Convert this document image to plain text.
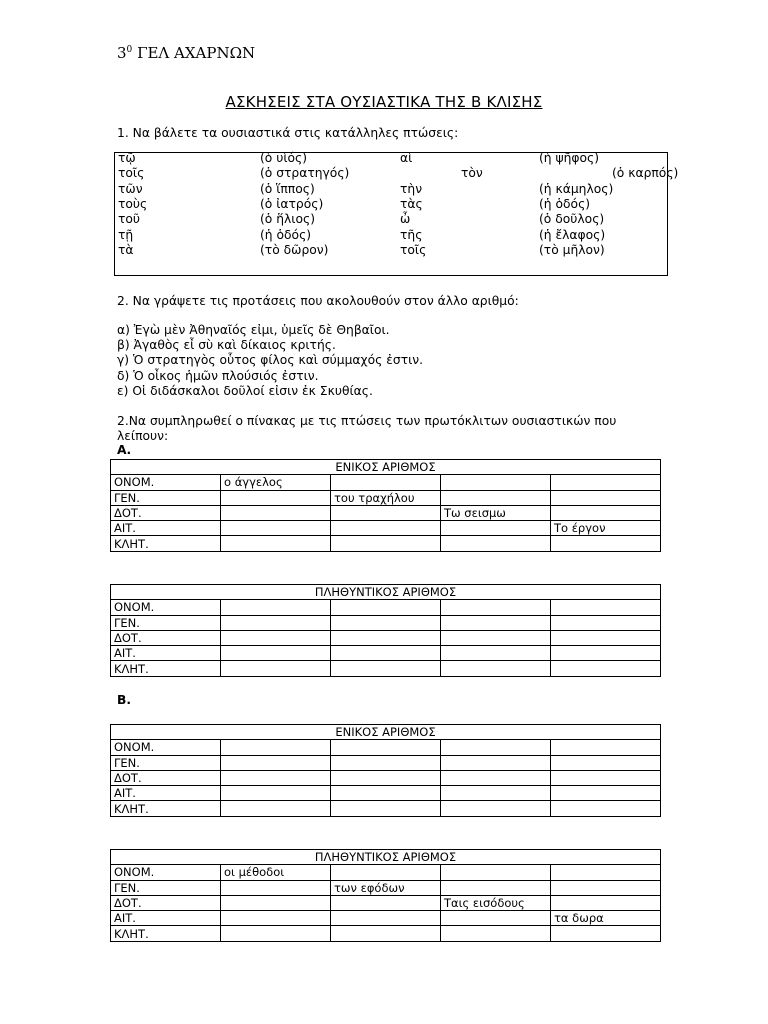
$3^0$ ΓΕΛ ΑΧΑΡΝΩΝ
ΑΣΚΗΣΕΙΣ ΣΤΑ ΟΥΣΙΑΣΤΙΚΑ ΤΗΣ Β ΚΛΙΣΗΣ
1. Να βάλετε τα ουσιαστικά στις κατάλληλες πτώσεις:
τῷ	(ὁ υἱός)	αἱ	(ἡ ψῆφος)
τοῖς	(ὁ στρατηγός)	τὸν	(ὁ καρπός)
τῶν	(ὁ ἵππος)	τὴν	(ἡ κάμηλος)
τοὺς	(ὁ ἰατρός)	τὰς	(ἡ ὁδός)
τοῦ	(ὁ ἥλιος)	ὦ	(ὁ δοῦλος)
τῇ	(ἡ ὁδός)	τῆς	(ἡ ἔλαφος)
τὰ	(τὸ δῶρον)	τοῖς	(τὸ μῆλον)
2. Να γράψετε τις προτάσεις που ακολουθούν στον άλλο αριθμό:
α) Ἐγὼ μὲν Ἀθηναῖός εἰμι, ὑμεῖς δὲ Θηβαῖοι.
β) Ἀγαθὸς εἶ σὺ καὶ δίκαιος κριτής.
γ) Ὁ στρατηγὸς οὗτος φίλος καὶ σύμμαχός ἐστιν.
δ) Ὁ οἶκος ἡμῶν πλούσιός ἐστιν.
ε) Οἱ διδάσκαλοι δοῦλοί εἰσιν ἐκ Σκυθίας.
2.Να συμπληρωθεί ο πίνακας με τις πτώσεις των πρωτόκλιτων ουσιαστικών που
λείπουν:
Α.
Β.
ΕΝΙΚΟΣ ΑΡΙΘΜΟΣ				
ΟΝΟΜ.	ο άγγελος			
ΓΕΝ.		του τραχήλου		
ΔΟΤ.			Τω σεισμω	
ΑΙΤ.				Το έργον
ΚΛΗΤ.				
ΠΛΗΘΥΝΤΙΚΟΣ ΑΡΙΘΜΟΣ				
ΟΝΟΜ.				
ΓΕΝ.				
ΔΟΤ.				
ΑΙΤ.				
ΚΛΗΤ.				
ΕΝΙΚΟΣ ΑΡΙΘΜΟΣ				
ΟΝΟΜ.				
ΓΕΝ.				
ΔΟΤ.				
ΑΙΤ.				
ΚΛΗΤ.				
ΠΛΗΘΥΝΤΙΚΟΣ ΑΡΙΘΜΟΣ				
ΟΝΟΜ.	οι μέθοδοι			
ΓΕΝ.		των εφόδων		
ΔΟΤ.			Ταις εισόδους	
ΑΙΤ.				τα δωρα
ΚΛΗΤ.				
